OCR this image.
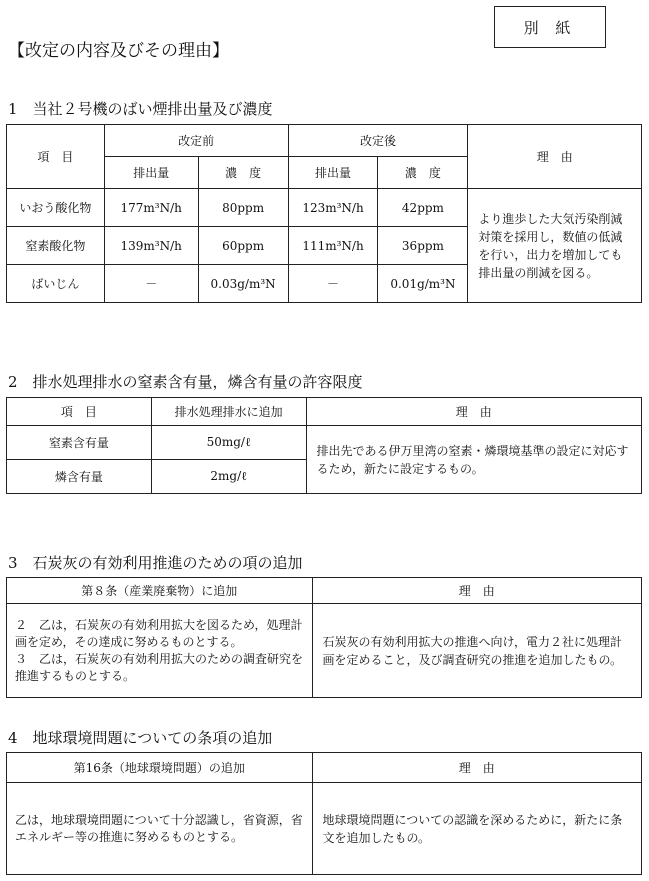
別 紙
【改定の内容及びその理由】
1　当社２号機のばい煙排出量及び濃度
項　目	改定前		改定後		理　由
	排出量	濃　度	排出量	濃　度	
いおう酸化物	177m³N/h	80ppm	123m³N/h	42ppm	より進歩した大気汚染削減対策を採用し，数値の低減を行い，出力を増加しても排出量の削減を図る。
窒素酸化物	139m³N/h	60ppm	111m³N/h	36ppm	
ばいじん	－	0.03g/m³N	－	0.01g/m³N	
2　排水処理排水の窒素含有量，燐含有量の許容限度
項　目	排水処理排水に追加	理　由
窒素含有量	50mg/ℓ	排出先である伊万里湾の窒素・燐環境基準の設定に対応するため，新たに設定するもの。
燐含有量	2mg/ℓ	
3　石炭灰の有効利用推進のための項の追加
第８条（産業廃棄物）に追加	理　由

２　乙は，石炭灰の有効利用拡大を図るため，処理計画を定め，その達成に努めるものとする。
３　乙は，石炭灰の有効利用拡大のための調査研究を推進するものとする。	石炭灰の有効利用拡大の推進へ向け，電力２社に処理計画を定めること，及び調査研究の推進を追加したもの。
4　地球環境問題についての条項の追加
第16条（地球環境問題）の追加	理　由
乙は，地球環境問題について十分認識し，省資源，省エネルギー等の推進に努めるものとする。	地球環境問題についての認識を深めるために，新たに条文を追加したもの。
